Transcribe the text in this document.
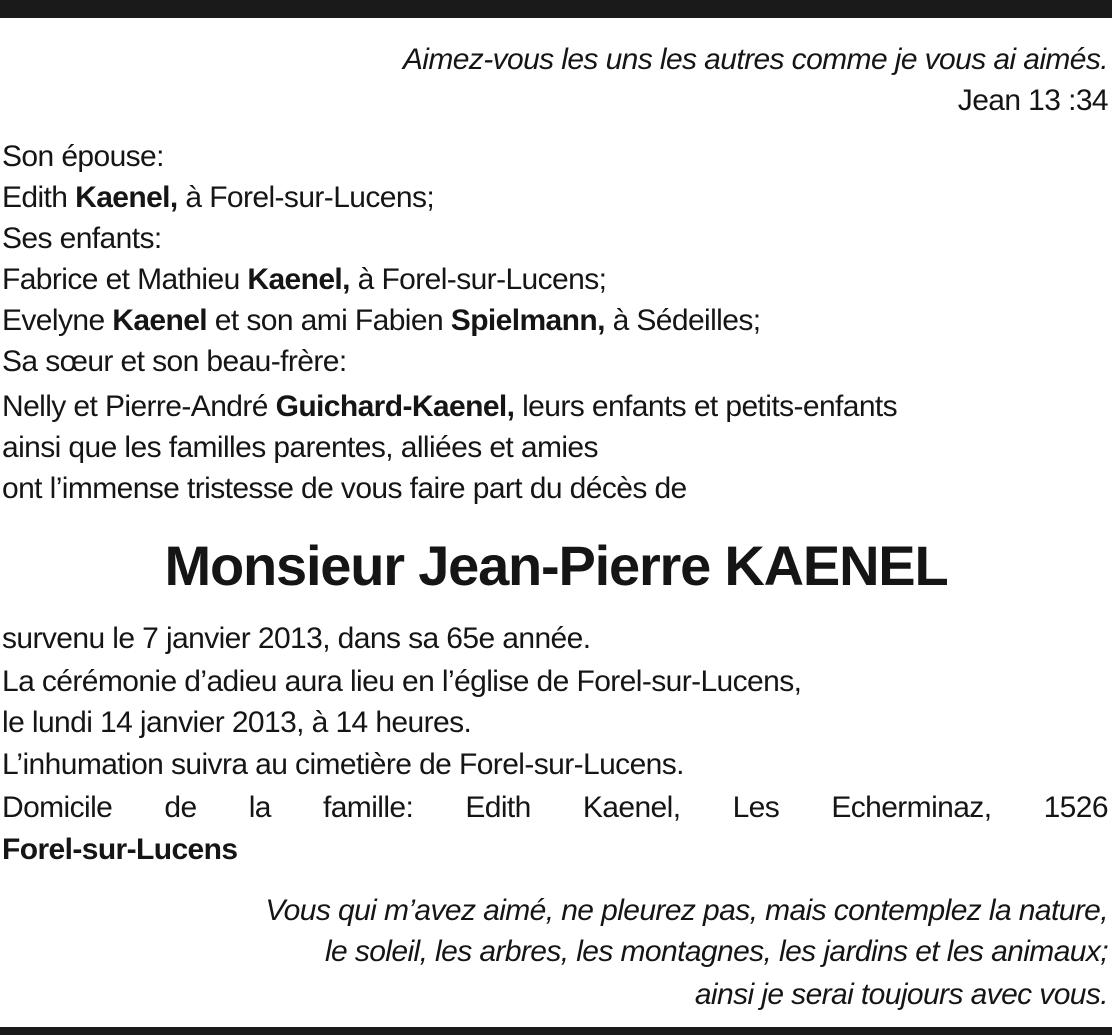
Aimez-vous les uns les autres comme je vous ai aimés.
Jean 13 :34
Son épouse:
Edith Kaenel, à Forel-sur-Lucens;
Ses enfants:
Fabrice et Mathieu Kaenel, à Forel-sur-Lucens;
Evelyne Kaenel et son ami Fabien Spielmann, à Sédeilles;
Sa sœur et son beau-frère:
Nelly et Pierre-André Guichard-Kaenel, leurs enfants et petits-enfants
ainsi que les familles parentes, alliées et amies
ont l’immense tristesse de vous faire part du décès de
Monsieur Jean-Pierre KAENEL
survenu le 7 janvier 2013, dans sa 65e année.
La cérémonie d’adieu aura lieu en l’église de Forel-sur-Lucens,
le lundi 14 janvier 2013, à 14 heures.
L’inhumation suivra au cimetière de Forel-sur-Lucens.
Domicile de la famille: Edith Kaenel, Les Echerminaz, 1526
Forel-sur-Lucens
Vous qui m’avez aimé, ne pleurez pas, mais contemplez la nature,
le soleil, les arbres, les montagnes, les jardins et les animaux;
ainsi je serai toujours avec vous.
